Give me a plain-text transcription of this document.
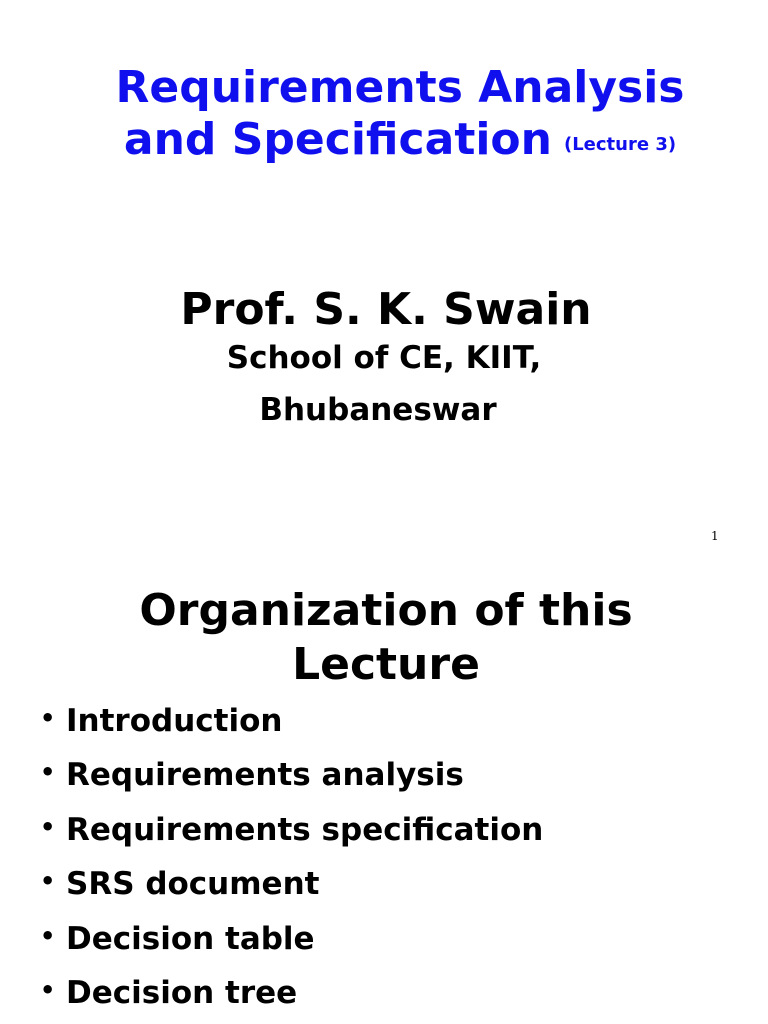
Requirements Analysis
and Specification (Lecture 3)
Prof. S. K. Swain
School of CE, KIIT,
Bhubaneswar
1
Organization of this
Lecture
• Introduction
• Requirements analysis
• Requirements specification
• SRS document
• Decision table
• Decision tree
